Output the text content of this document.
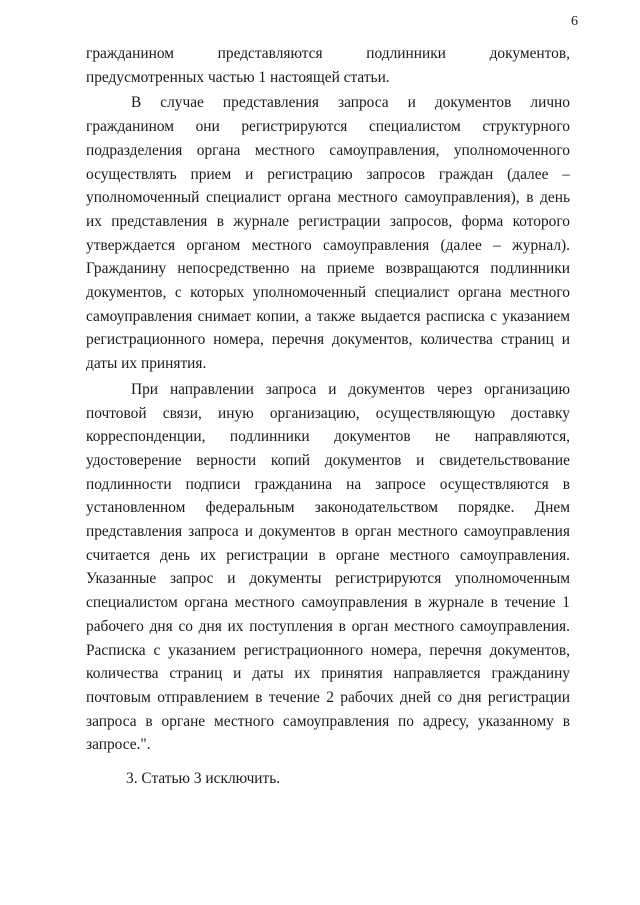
6

гражданином представляются подлинники документов, предусмотренных частью 1 настоящей статьи.

В случае представления запроса и документов лично гражданином они регистрируются специалистом структурного подразделения органа местного самоуправления, уполномоченного осуществлять прием и регистрацию запросов граждан (далее – уполномоченный специалист органа местного самоуправления), в день их представления в журнале регистрации запросов, форма которого утверждается органом местного самоуправления (далее – журнал). Гражданину непосредственно на приеме возвращаются подлинники документов, с которых уполномоченный специалист органа местного самоуправления снимает копии, а также выдается расписка с указанием регистрационного номера, перечня документов, количества страниц и даты их принятия.

При направлении запроса и документов через организацию почтовой связи, иную организацию, осуществляющую доставку корреспонденции, подлинники документов не направляются, удостоверение верности копий документов и свидетельствование подлинности подписи гражданина на запросе осуществляются в установленном федеральным законодательством порядке. Днем представления запроса и документов в орган местного самоуправления считается день их регистрации в органе местного самоуправления. Указанные запрос и документы регистрируются уполномоченным специалистом органа местного самоуправления в журнале в течение 1 рабочего дня со дня их поступления в орган местного самоуправления. Расписка с указанием регистрационного номера, перечня документов, количества страниц и даты их принятия направляется гражданину почтовым отправлением в течение 2 рабочих дней со дня регистрации запроса в органе местного самоуправления по адресу, указанному в запросе.".

3. Статью 3 исключить.
